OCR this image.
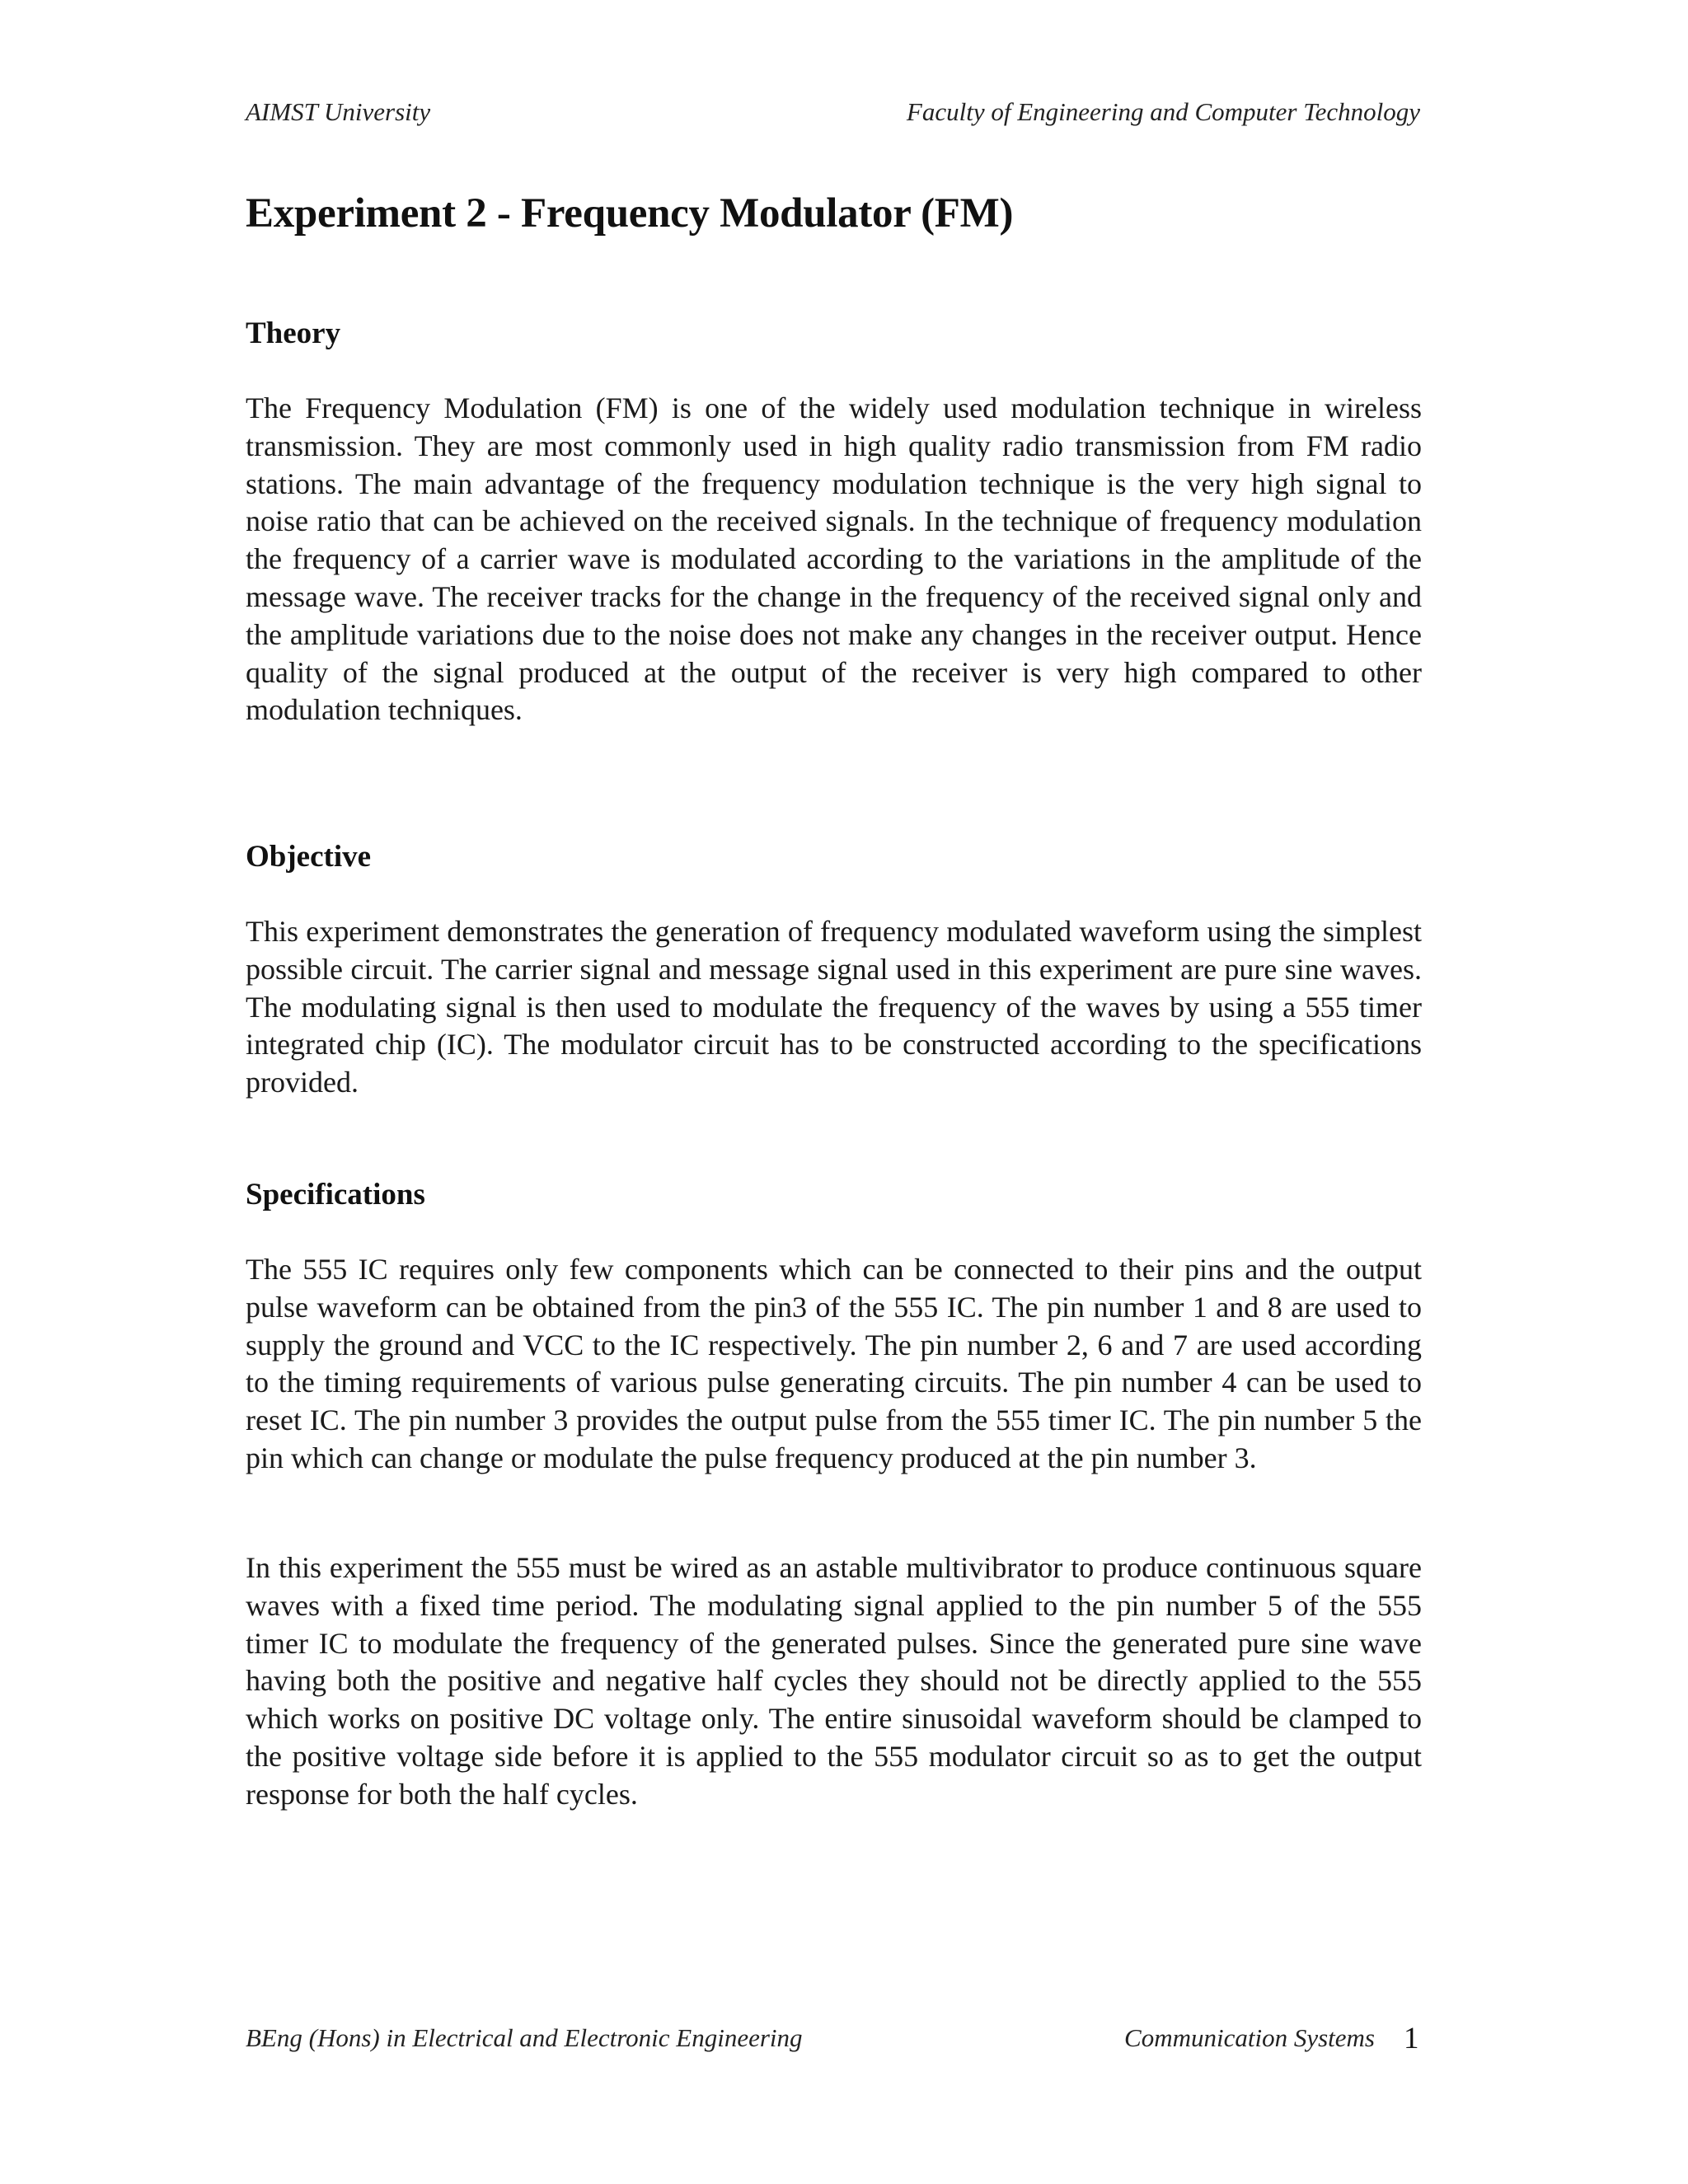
AIMST University	Faculty of Engineering and Computer Technology
Experiment 2 - Frequency Modulator (FM)
Theory

The Frequency Modulation (FM) is one of the widely used modulation technique in wireless transmission. They are most commonly used in high quality radio transmission from FM radio stations. The main advantage of the frequency modulation technique is the very high signal to noise ratio that can be achieved on the received signals. In the technique of frequency modulation the frequency of a carrier wave is modulated according to the variations in the amplitude of the message wave. The receiver tracks for the change in the frequency of the received signal only and the amplitude variations due to the noise does not make any changes in the receiver output. Hence quality of the signal produced at the output of the receiver is very high compared to other modulation techniques.

Objective

This experiment demonstrates the generation of frequency modulated waveform using the simplest possible circuit. The carrier signal and message signal used in this experiment are pure sine waves. The modulating signal is then used to modulate the frequency of the waves by using a 555 timer integrated chip (IC). The modulator circuit has to be constructed according to the specifications provided.

Specifications

The 555 IC requires only few components which can be connected to their pins and the output pulse waveform can be obtained from the pin3 of the 555 IC. The pin number 1 and 8 are used to supply the ground and VCC to the IC respectively. The pin number 2, 6 and 7 are used according to the timing requirements of various pulse generating circuits. The pin number 4 can be used to reset IC. The pin number 3 provides the output pulse from the 555 timer IC. The pin number 5 the pin which can change or modulate the pulse frequency produced at the pin number 3.

In this experiment the 555 must be wired as an astable multivibrator to produce continuous square waves with a fixed time period. The modulating signal applied to the pin number 5 of the 555 timer IC to modulate the frequency of the generated pulses. Since the generated pure sine wave having both the positive and negative half cycles they should not be directly applied to the 555 which works on positive DC voltage only. The entire sinusoidal waveform should be clamped to the positive voltage side before it is applied to the 555 modulator circuit so as to get the output response for both the half cycles.

BEng (Hons) in Electrical and Electronic Engineering	Communication Systems 1
